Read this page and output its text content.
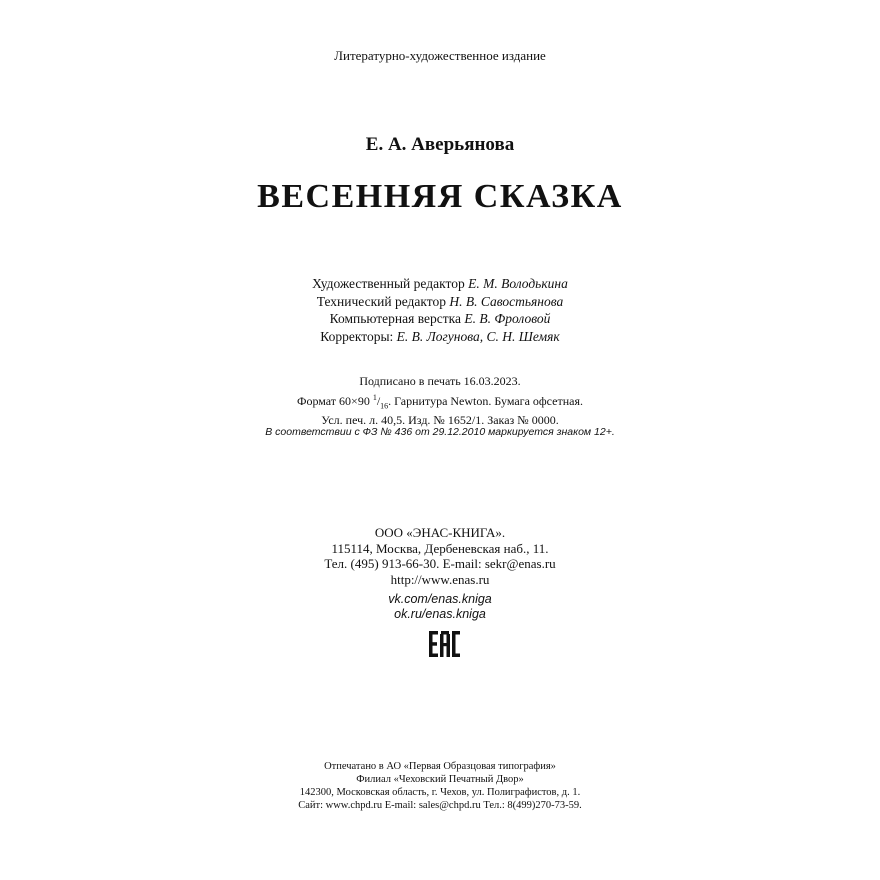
Литературно-художественное издание
Е. А. Аверьянова
ВЕСЕННЯЯ СКАЗКА
Художественный редактор Е. М. Володькина
Технический редактор Н. В. Савостьянова
Компьютерная верстка Е. В. Фроловой
Корректоры: Е. В. Логунова, С. Н. Шемяк
Подписано в печать 16.03.2023.
Формат 60×90 $^1/_{16}$. Гарнитура Newton. Бумага офсетная.
Усл. печ. л. 40,5. Изд. № 1652/1. Заказ № 0000.
В соответствии с ФЗ № 436 от 29.12.2010 маркируется знаком 12+.
ООО «ЭНАС-КНИГА».
115114, Москва, Дербеневская наб., 11.
Тел. (495) 913-66-30. E-mail: sekr@enas.ru
http://www.enas.ru
vk.com/enas.kniga
ok.ru/enas.kniga
Отпечатано в АО «Первая Образцовая типография»
Филиал «Чеховский Печатный Двор»
142300, Московская область, г. Чехов, ул. Полиграфистов, д. 1.
Сайт: www.chpd.ru E-mail: sales@chpd.ru Тел.: 8(499)270-73-59.
